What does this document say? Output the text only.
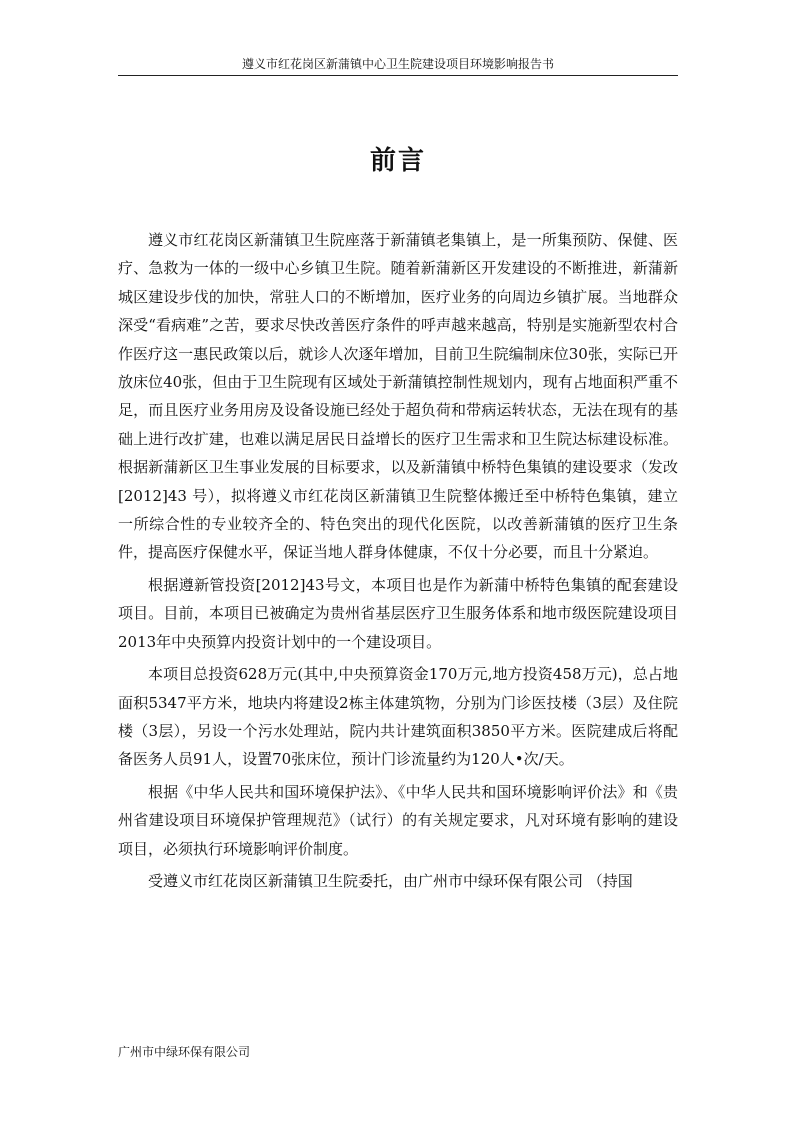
遵义市红花岗区新蒲镇中心卫生院建设项目环境影响报告书
前言

遵义市红花岗区新蒲镇卫生院座落于新蒲镇老集镇上，是一所集预防、保健、医疗、急救为一体的一级中心乡镇卫生院。随着新蒲新区开发建设的不断推进，新蒲新城区建设步伐的加快，常驻人口的不断增加，医疗业务的向周边乡镇扩展。当地群众深受“看病难”之苦，要求尽快改善医疗条件的呼声越来越高，特别是实施新型农村合作医疗这一惠民政策以后，就诊人次逐年增加，目前卫生院编制床位30张，实际已开放床位40张，但由于卫生院现有区域处于新蒲镇控制性规划内，现有占地面积严重不足，而且医疗业务用房及设备设施已经处于超负荷和带病运转状态，无法在现有的基础上进行改扩建，也难以满足居民日益增长的医疗卫生需求和卫生院达标建设标准。根据新蒲新区卫生事业发展的目标要求，以及新蒲镇中桥特色集镇的建设要求（发改[2012]43 号），拟将遵义市红花岗区新蒲镇卫生院整体搬迁至中桥特色集镇，建立一所综合性的专业较齐全的、特色突出的现代化医院，以改善新蒲镇的医疗卫生条件，提高医疗保健水平，保证当地人群身体健康，不仅十分必要，而且十分紧迫。

根据遵新管投资[2012]43号文，本项目也是作为新蒲中桥特色集镇的配套建设项目。目前，本项目已被确定为贵州省基层医疗卫生服务体系和地市级医院建设项目2013年中央预算内投资计划中的一个建设项目。

本项目总投资628万元(其中,中央预算资金170万元,地方投资458万元)，总占地面积5347平方米，地块内将建设2栋主体建筑物，分别为门诊医技楼（3层）及住院楼（3层），另设一个污水处理站，院内共计建筑面积3850平方米。医院建成后将配备医务人员91人，设置70张床位，预计门诊流量约为120人•次/天。

根据《中华人民共和国环境保护法》、《中华人民共和国环境影响评价法》和《贵州省建设项目环境保护管理规范》（试行）的有关规定要求，凡对环境有影响的建设项目，必须执行环境影响评价制度。

受遵义市红花岗区新蒲镇卫生院委托，由广州市中绿环保有限公司 （持国

广州市中绿环保有限公司
